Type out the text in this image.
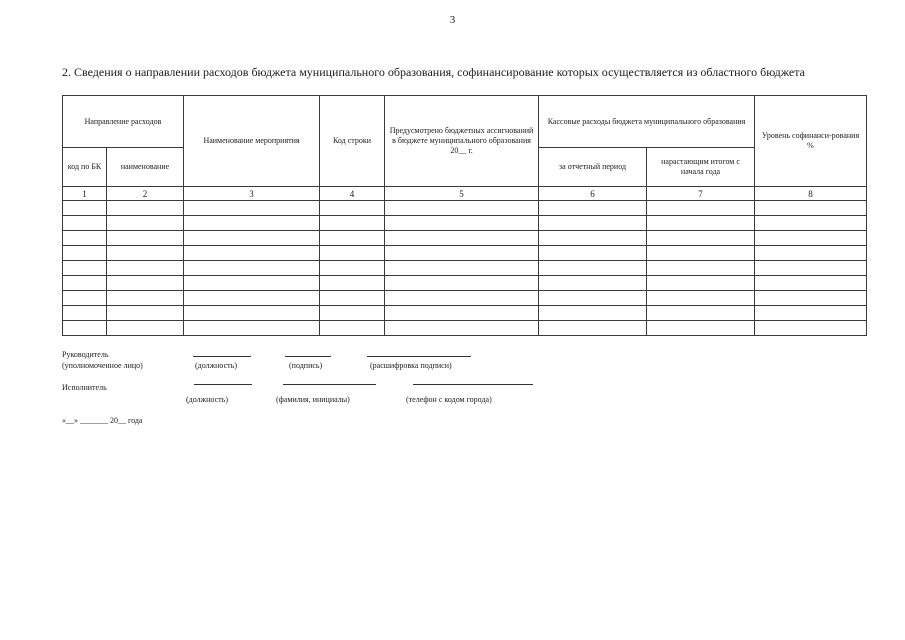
3
2. Сведения о направлении расходов бюджета муниципального образования, софинансирование которых осуществляется из областного бюджета
Направление расходов		Наименование мероприятия	Код строки	Предусмотрено бюджетных ассигнований в бюджете муниципального образования 20__ г.	Кассовые расходы бюджета муниципального образования		Уровень софинанси-рования %
код по БК	наименование				за отчетный период	нарастающим итогом с начала года	

1	2	3	4	5	6	7	8

Руководитель
(уполномоченное лицо)	(должность)	(подпись)	(расшифровка подписи)
Исполнитель
(должность)	(фамилия, инициалы)	(телефон с кодом города)
«__» _______ 20__ года
